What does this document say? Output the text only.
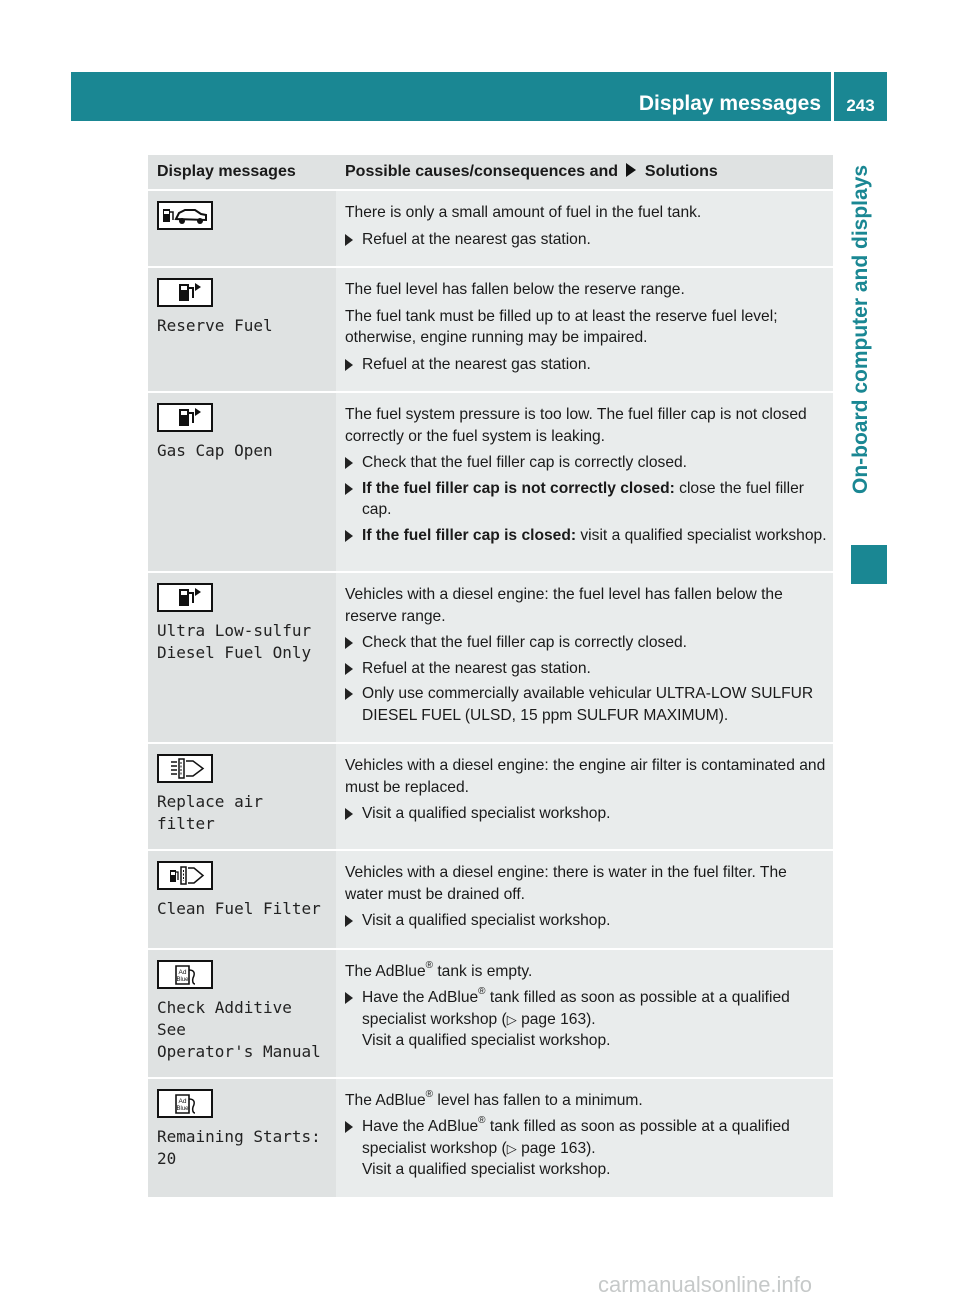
Display messages	243
On-board computer and displays
Display messages	Possible causes/consequences and Solutions

There is only a small amount of fuel in the fuel tank.
Refuel at the nearest gas station.

Reserve Fuel	The fuel level has fallen below the reserve range.
The fuel tank must be filled up to at least the reserve fuel level; otherwise, engine running may be impaired.
Refuel at the nearest gas station.

Gas Cap Open	The fuel system pressure is too low. The fuel filler cap is not closed correctly or the fuel system is leaking.
Check that the fuel filler cap is correctly closed.
If the fuel filler cap is not correctly closed: close the fuel filler cap.
If the fuel filler cap is closed: visit a qualified specialist workshop.

Ultra Low-sulfur
Diesel Fuel Only	Vehicles with a diesel engine: the fuel level has fallen below the reserve range.
Check that the fuel filler cap is correctly closed.
Refuel at the nearest gas station.
Only use commercially available vehicular ULTRA-LOW SULFUR DIESEL FUEL (ULSD, 15 ppm SULFUR MAXIMUM).

Replace air filter	Vehicles with a diesel engine: the engine air filter is contaminated and must be replaced.
Visit a qualified specialist workshop.

Clean Fuel Filter	Vehicles with a diesel engine: there is water in the fuel filter. The water must be drained off.
Visit a qualified specialist workshop.

Ad
Blue
Check Additive See
Operator's Manual	The AdBlue® tank is empty.
Have the AdBlue® tank filled as soon as possible at a qualified specialist workshop (▷ page 163).
Visit a qualified specialist workshop.

Ad
Blue
Remaining Starts:
20	The AdBlue® level has fallen to a minimum.
Have the AdBlue® tank filled as soon as possible at a qualified specialist workshop (▷ page 163).
Visit a qualified specialist workshop.
carmanualsonline.info
